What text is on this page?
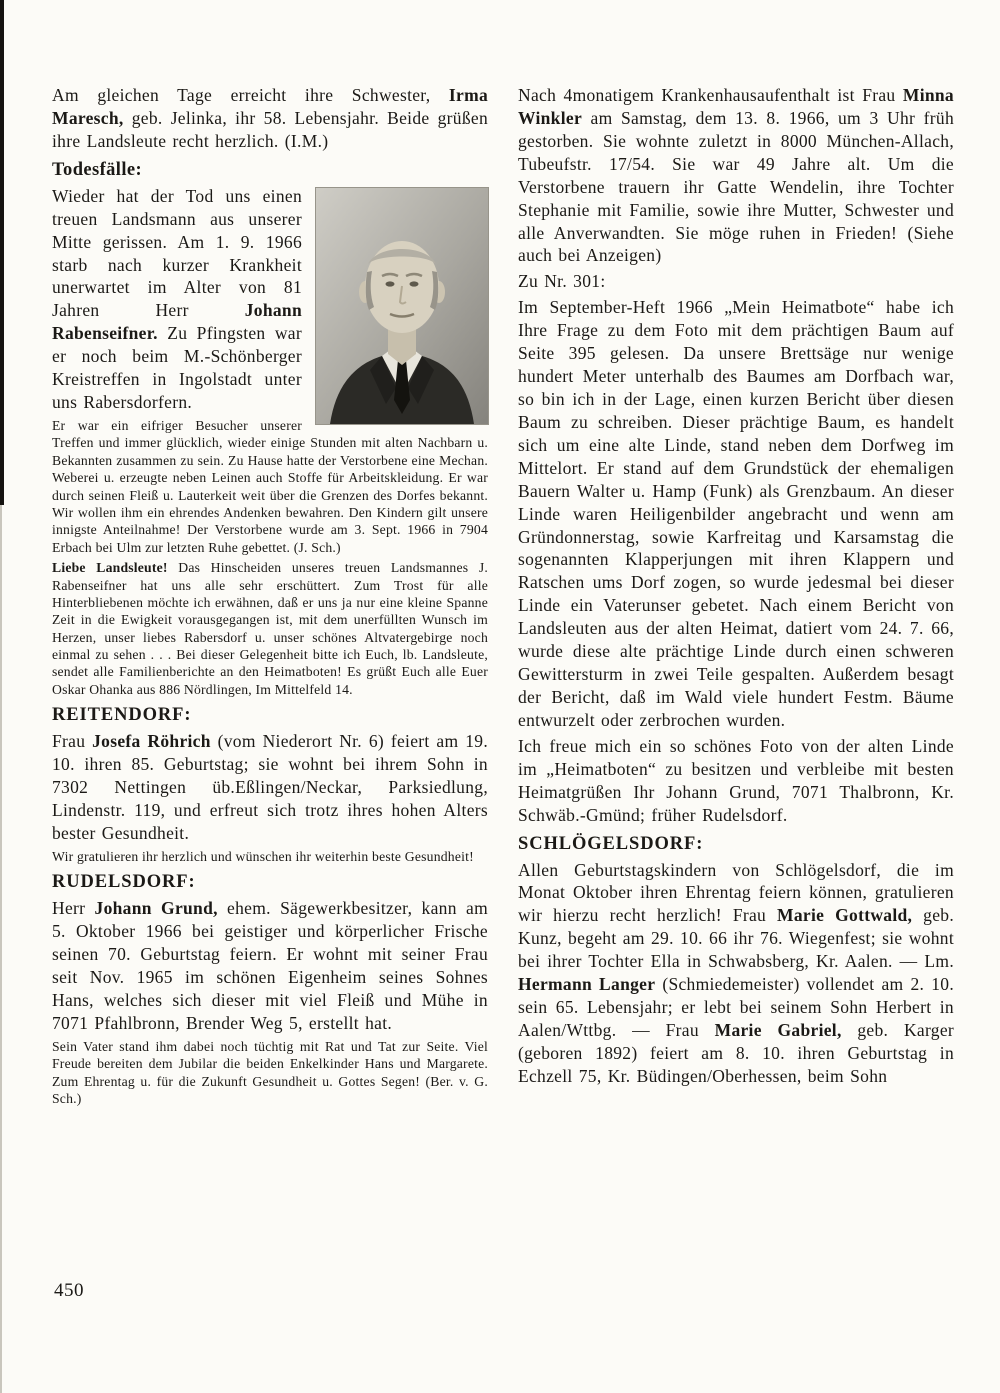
Am gleichen Tage erreicht ihre Schwester, Irma Maresch, geb. Jelinka, ihr 58. Lebensjahr. Beide grüßen ihre Landsleute recht herzlich. (I.M.)

Todesfälle:

Wieder hat der Tod uns einen treuen Landsmann aus unserer Mitte gerissen. Am 1. 9. 1966 starb nach kurzer Krankheit unerwartet im Alter von 81 Jahren Herr Johann Rabenseifner. Zu Pfingsten war er noch beim M.-Schönberger Kreistreffen in Ingolstadt unter uns Rabersdorfern.

Er war ein eifriger Besucher unserer Treffen und immer glücklich, wieder einige Stunden mit alten Nachbarn u. Bekannten zusammen zu sein. Zu Hause hatte der Verstorbene eine Mechan. Weberei u. erzeugte neben Leinen auch Stoffe für Arbeitskleidung. Er war durch seinen Fleiß u. Lauterkeit weit über die Grenzen des Dorfes bekannt. Wir wollen ihm ein ehrendes Andenken bewahren. Den Kindern gilt unsere innigste Anteilnahme! Der Verstorbene wurde am 3. Sept. 1966 in 7904 Erbach bei Ulm zur letzten Ruhe gebettet. (J. Sch.)

Liebe Landsleute! Das Hinscheiden unseres treuen Landsmannes J. Rabenseifner hat uns alle sehr erschüttert. Zum Trost für alle Hinterbliebenen möchte ich erwähnen, daß er uns ja nur eine kleine Spanne Zeit in die Ewigkeit vorausgegangen ist, mit dem unerfüllten Wunsch im Herzen, unser liebes Rabersdorf u. unser schönes Altvatergebirge noch einmal zu sehen . . . Bei dieser Gelegenheit bitte ich Euch, lb. Landsleute, sendet alle Familienberichte an den Heimatboten! Es grüßt Euch alle Euer Oskar Ohanka aus 886 Nördlingen, Im Mittelfeld 14.

REITENDORF:

Frau Josefa Röhrich (vom Niederort Nr. 6) feiert am 19. 10. ihren 85. Geburtstag; sie wohnt bei ihrem Sohn in 7302 Nettingen üb.Eßlingen/Neckar, Parksiedlung, Lindenstr. 119, und erfreut sich trotz ihres hohen Alters bester Gesundheit.

Wir gratulieren ihr herzlich und wünschen ihr weiterhin beste Gesundheit!

RUDELSDORF:

Herr Johann Grund, ehem. Sägewerkbesitzer, kann am 5. Oktober 1966 bei geistiger und körperlicher Frische seinen 70. Geburtstag feiern. Er wohnt mit seiner Frau seit Nov. 1965 im schönen Eigenheim seines Sohnes Hans, welches sich dieser mit viel Fleiß und Mühe in 7071 Pfahlbronn, Brender Weg 5, erstellt hat.

Sein Vater stand ihm dabei noch tüchtig mit Rat und Tat zur Seite. Viel Freude bereiten dem Jubilar die beiden Enkelkinder Hans und Margarete. Zum Ehrentag u. für die Zukunft Gesundheit u. Gottes Segen! (Ber. v. G. Sch.)

Nach 4monatigem Krankenhausaufenthalt ist Frau Minna Winkler am Samstag, dem 13. 8. 1966, um 3 Uhr früh gestorben. Sie wohnte zuletzt in 8000 München-Allach, Tubeufstr. 17/54. Sie war 49 Jahre alt. Um die Verstorbene trauern ihr Gatte Wendelin, ihre Tochter Stephanie mit Familie, sowie ihre Mutter, Schwester und alle Anverwandten. Sie möge ruhen in Frieden! (Siehe auch bei Anzeigen)

Zu Nr. 301:

Im September-Heft 1966 „Mein Heimatbote“ habe ich Ihre Frage zu dem Foto mit dem prächtigen Baum auf Seite 395 gelesen. Da unsere Brettsäge nur wenige hundert Meter unterhalb des Baumes am Dorfbach war, so bin ich in der Lage, einen kurzen Bericht über diesen Baum zu schreiben. Dieser prächtige Baum, es handelt sich um eine alte Linde, stand neben dem Dorfweg im Mittelort. Er stand auf dem Grundstück der ehemaligen Bauern Walter u. Hamp (Funk) als Grenzbaum. An dieser Linde waren Heiligenbilder angebracht und wenn am Gründonnerstag, sowie Karfreitag und Karsamstag die sogenannten Klapperjungen mit ihren Klappern und Ratschen ums Dorf zogen, so wurde jedesmal bei dieser Linde ein Vaterunser gebetet. Nach einem Bericht von Landsleuten aus der alten Heimat, datiert vom 24. 7. 66, wurde diese alte prächtige Linde durch einen schweren Gewittersturm in zwei Teile gespalten. Außerdem besagt der Bericht, daß im Wald viele hundert Festm. Bäume entwurzelt oder zerbrochen wurden.

Ich freue mich ein so schönes Foto von der alten Linde im „Heimatboten“ zu besitzen und verbleibe mit besten Heimatgrüßen Ihr Johann Grund, 7071 Thalbronn, Kr. Schwäb.-Gmünd; früher Rudelsdorf.

SCHLÖGELSDORF:

Allen Geburtstagskindern von Schlögelsdorf, die im Monat Oktober ihren Ehrentag feiern können, gratulieren wir hierzu recht herzlich! Frau Marie Gottwald, geb. Kunz, begeht am 29. 10. 66 ihr 76. Wiegenfest; sie wohnt bei ihrer Tochter Ella in Schwabsberg, Kr. Aalen. — Lm. Hermann Langer (Schmiedemeister) vollendet am 2. 10. sein 65. Lebensjahr; er lebt bei seinem Sohn Herbert in Aalen/Wttbg. — Frau Marie Gabriel, geb. Karger (geboren 1892) feiert am 8. 10. ihren Geburtstag in Echzell 75, Kr. Büdingen/Oberhessen, beim Sohn

450
